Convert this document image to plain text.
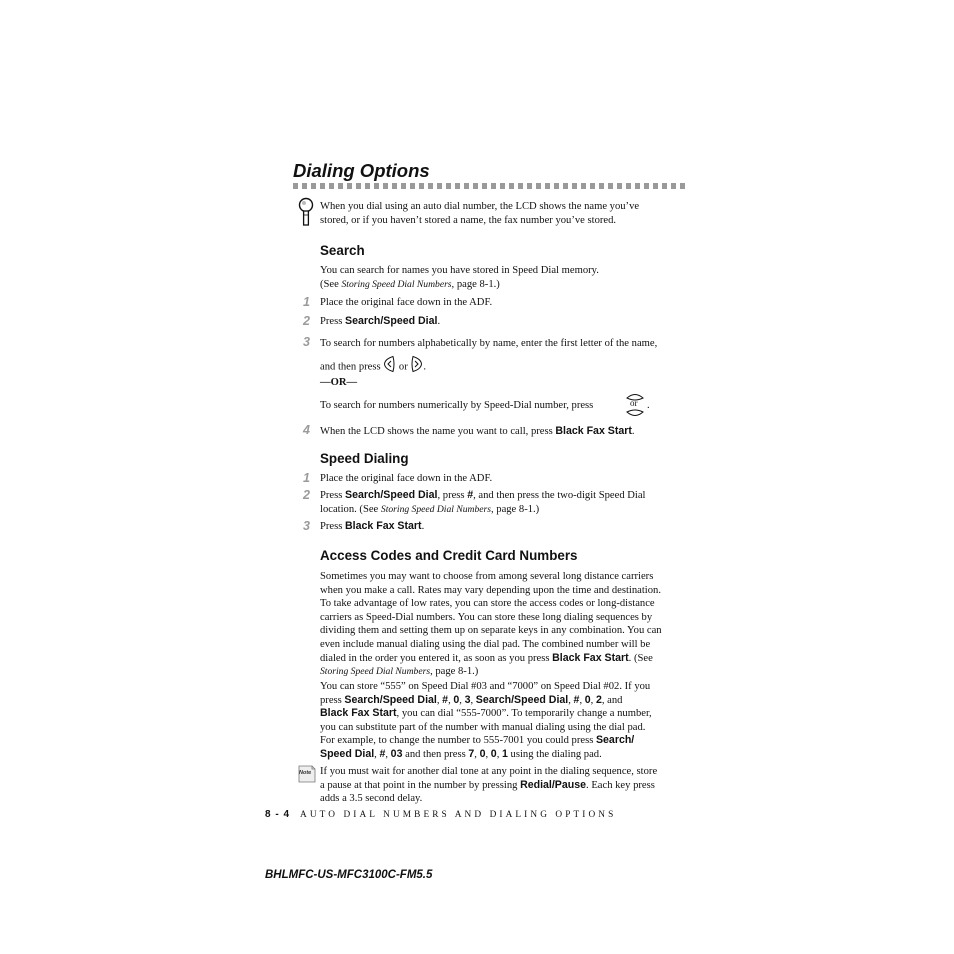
Dialing Options
When you dial using an auto dial number, the LCD shows the name you’ve
stored, or if you haven’t stored a name, the fax number you’ve stored.
Search
You can search for names you have stored in Speed Dial memory.
(See Storing Speed Dial Numbers, page 8-1.)
1 Place the original face down in the ADF.
2 Press Search/Speed Dial.
3 To search for numbers alphabetically by name, enter the first letter of the name,
and then press or .
—OR—
To search for numbers numerically by Speed-Dial number, press	or .
4 When the LCD shows the name you want to call, press Black Fax Start.
Speed Dialing
1 Place the original face down in the ADF.
2 Press Search/Speed Dial, press #, and then press the two-digit Speed Dial
location. (See Storing Speed Dial Numbers, page 8-1.)
3 Press Black Fax Start.
Access Codes and Credit Card Numbers
Sometimes you may want to choose from among several long distance carriers
when you make a call. Rates may vary depending upon the time and destination.
To take advantage of low rates, you can store the access codes or long-distance
carriers as Speed-Dial numbers. You can store these long dialing sequences by
dividing them and setting them up on separate keys in any combination. You can
even include manual dialing using the dial pad. The combined number will be
dialed in the order you entered it, as soon as you press Black Fax Start. (See
Storing Speed Dial Numbers, page 8-1.)
You can store “555” on Speed Dial #03 and “7000” on Speed Dial #02. If you
press Search/Speed Dial, #, 0, 3, Search/Speed Dial, #, 0, 2, and
Black Fax Start, you can dial “555-7000”. To temporarily change a number,
you can substitute part of the number with manual dialing using the dial pad.
For example, to change the number to 555-7001 you could press Search/
Speed Dial, #, 03 and then press 7, 0, 0, 1 using the dialing pad.
Note If you must wait for another dial tone at any point in the dialing sequence, store
a pause at that point in the number by pressing Redial/Pause. Each key press
adds a 3.5 second delay.
8 - 4 AUTO DIAL NUMBERS AND DIALING OPTIONS
BHLMFC-US-MFC3100C-FM5.5
